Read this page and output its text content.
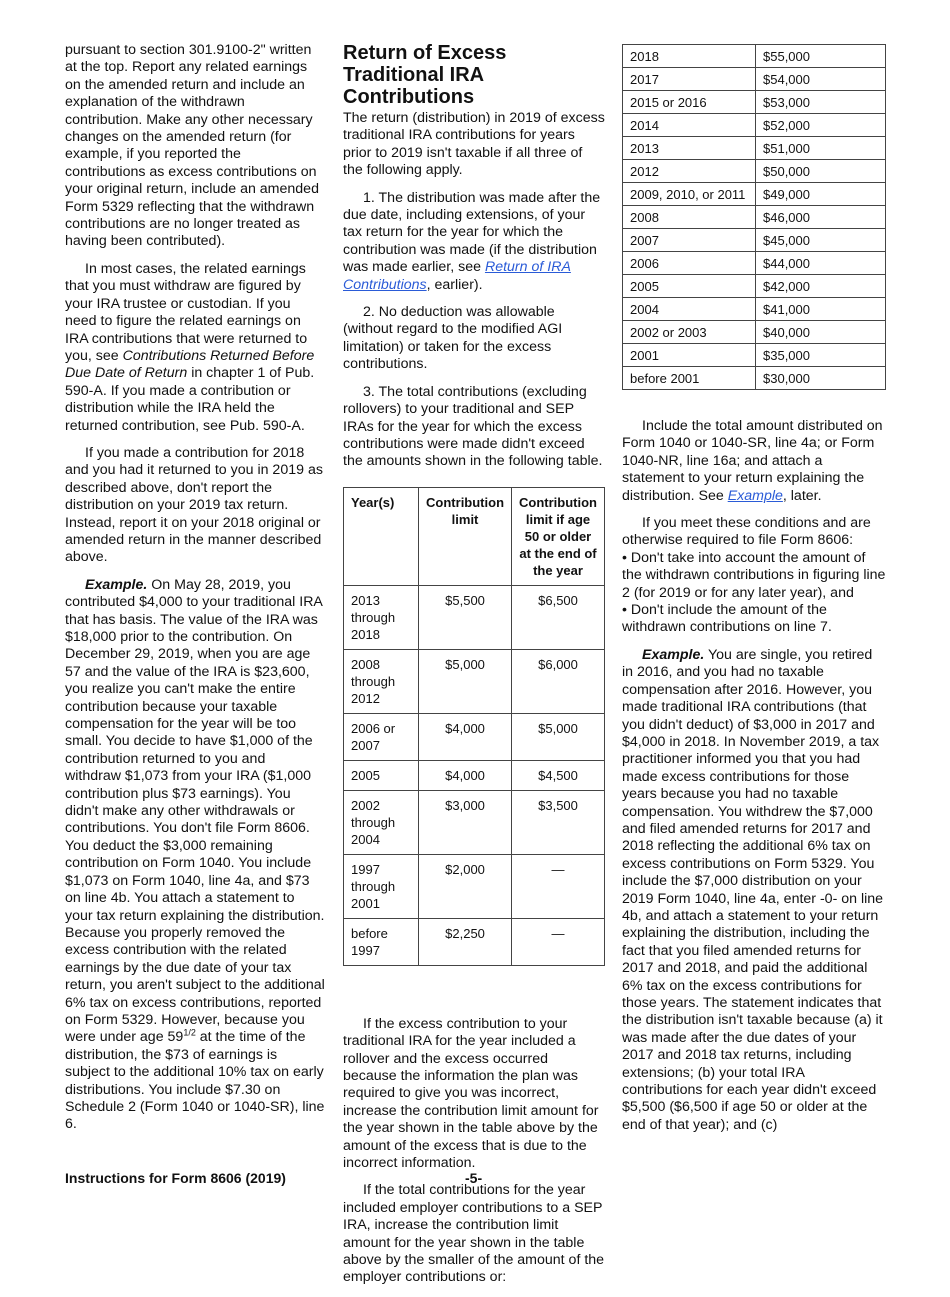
pursuant to section 301.9100-2" written at the top. Report any related earnings on the amended return and include an explanation of the withdrawn contribution. Make any other necessary changes on the amended return (for example, if you reported the contributions as excess contributions on your original return, include an amended Form 5329 reflecting that the withdrawn contributions are no longer treated as having been contributed).

In most cases, the related earnings that you must withdraw are figured by your IRA trustee or custodian. If you need to figure the related earnings on IRA contributions that were returned to you, see Contributions Returned Before Due Date of Return in chapter 1 of Pub. 590-A. If you made a contribution or distribution while the IRA held the returned contribution, see Pub. 590-A.

If you made a contribution for 2018 and you had it returned to you in 2019 as described above, don't report the distribution on your 2019 tax return. Instead, report it on your 2018 original or amended return in the manner described above.

Example. On May 28, 2019, you contributed $4,000 to your traditional IRA that has basis. The value of the IRA was $18,000 prior to the contribution. On December 29, 2019, when you are age 57 and the value of the IRA is $23,600, you realize you can't make the entire contribution because your taxable compensation for the year will be too small. You decide to have $1,000 of the contribution returned to you and withdraw $1,073 from your IRA ($1,000 contribution plus $73 earnings). You didn't make any other withdrawals or contributions. You don't file Form 8606. You deduct the $3,000 remaining contribution on Form 1040. You include $1,073 on Form 1040, line 4a, and $73 on line 4b. You attach a statement to your tax return explaining the distribution. Because you properly removed the excess contribution with the related earnings by the due date of your tax return, you aren't subject to the additional 6% tax on excess contributions, reported on Form 5329. However, because you were under age $59^{1/2}$ at the time of the distribution, the $73 of earnings is subject to the additional 10% tax on early distributions. You include $7.30 on Schedule 2 (Form 1040 or 1040-SR), line 6.

Return of Excess Traditional IRA Contributions

The return (distribution) in 2019 of excess traditional IRA contributions for years prior to 2019 isn't taxable if all three of the following apply.

1. The distribution was made after the due date, including extensions, of your tax return for the year for which the contribution was made (if the distribution was made earlier, see Return of IRA Contributions, earlier).

2. No deduction was allowable (without regard to the modified AGI limitation) or taken for the excess contributions.

3. The total contributions (excluding rollovers) to your traditional and SEP IRAs for the year for which the excess contributions were made didn't exceed the amounts shown in the following table.

Year(s)	Contribution limit	Contribution limit if age 50 or older at the end of the year
2013 through 2018	$5,500	$6,500
2008 through 2012	$5,000	$6,000
2006 or 2007	$4,000	$5,000
2005	$4,000	$4,500
2002 through 2004	$3,000	$3,500
1997 through 2001	$2,000	—
before 1997	$2,250	—

If the excess contribution to your traditional IRA for the year included a rollover and the excess occurred because the information the plan was required to give you was incorrect, increase the contribution limit amount for the year shown in the table above by the amount of the excess that is due to the incorrect information.

If the total contributions for the year included employer contributions to a SEP IRA, increase the contribution limit amount for the year shown in the table above by the smaller of the amount of the employer contributions or:

2018	$55,000
2017	$54,000
2015 or 2016	$53,000
2014	$52,000
2013	$51,000
2012	$50,000
2009, 2010, or 2011	$49,000
2008	$46,000
2007	$45,000
2006	$44,000
2005	$42,000
2004	$41,000
2002 or 2003	$40,000
2001	$35,000
before 2001	$30,000

Include the total amount distributed on Form 1040 or 1040-SR, line 4a; or Form 1040-NR, line 16a; and attach a statement to your return explaining the distribution. See Example, later.

If you meet these conditions and are otherwise required to file Form 8606:

• Don't take into account the amount of the withdrawn contributions in figuring line 2 (for 2019 or for any later year), and

• Don't include the amount of the withdrawn contributions on line 7.

Example. You are single, you retired in 2016, and you had no taxable compensation after 2016. However, you made traditional IRA contributions (that you didn't deduct) of $3,000 in 2017 and $4,000 in 2018. In November 2019, a tax practitioner informed you that you had made excess contributions for those years because you had no taxable compensation. You withdrew the $7,000 and filed amended returns for 2017 and 2018 reflecting the additional 6% tax on excess contributions on Form 5329. You include the $7,000 distribution on your 2019 Form 1040, line 4a, enter -0- on line 4b, and attach a statement to your return explaining the distribution, including the fact that you filed amended returns for 2017 and 2018, and paid the additional 6% tax on the excess contributions for those years. The statement indicates that the distribution isn't taxable because (a) it was made after the due dates of your 2017 and 2018 tax returns, including extensions; (b) your total IRA contributions for each year didn't exceed $5,500 ($6,500 if age 50 or older at the end of that year); and (c)

Instructions for Form 8606 (2019)	-5-
